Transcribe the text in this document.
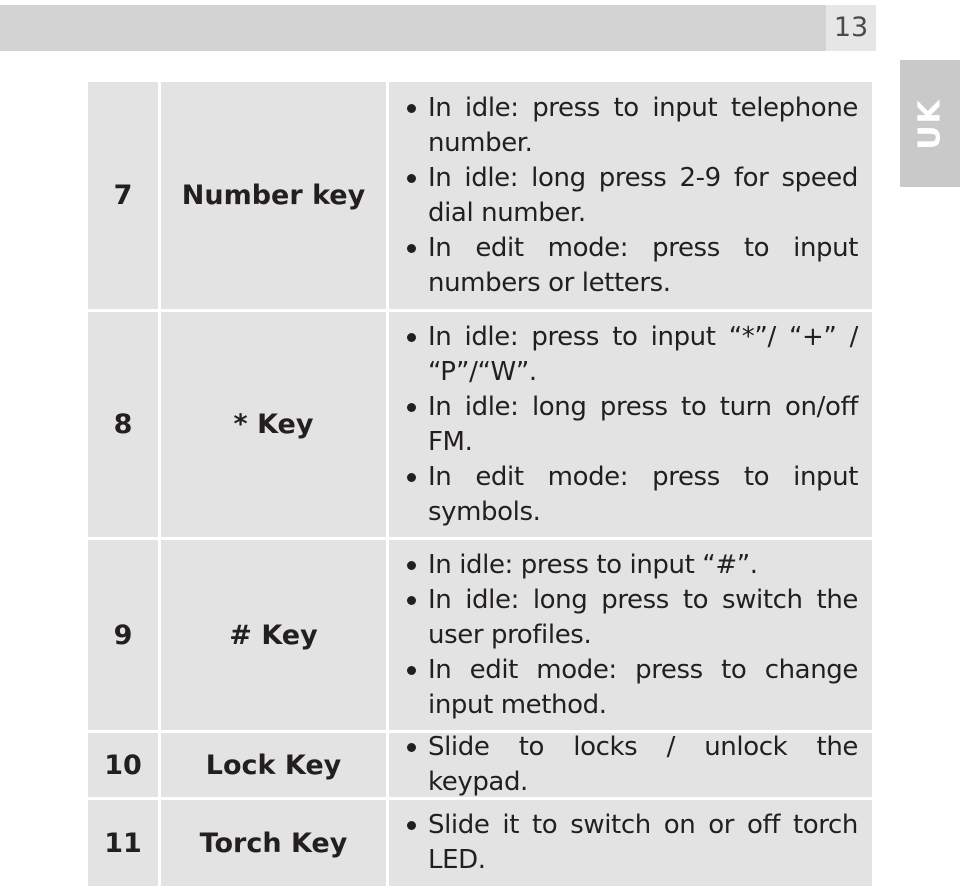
13
UK
7	Number key
In idle: press to input telephone number.
In idle: long press 2-9 for speed dial number.
In edit mode: press to input numbers or letters.
8	* Key
In idle: press to input “*”/ “+” / “P”/“W”.
In idle: long press to turn on/off FM.
In edit mode: press to input symbols.
9	# Key
In idle: press to input “#”.
In idle: long press to switch the user profiles.
In edit mode: press to change input method.
10	Lock Key
Slide to locks / unlock the keypad.
11	Torch Key
Slide it to switch on or off torch LED.
